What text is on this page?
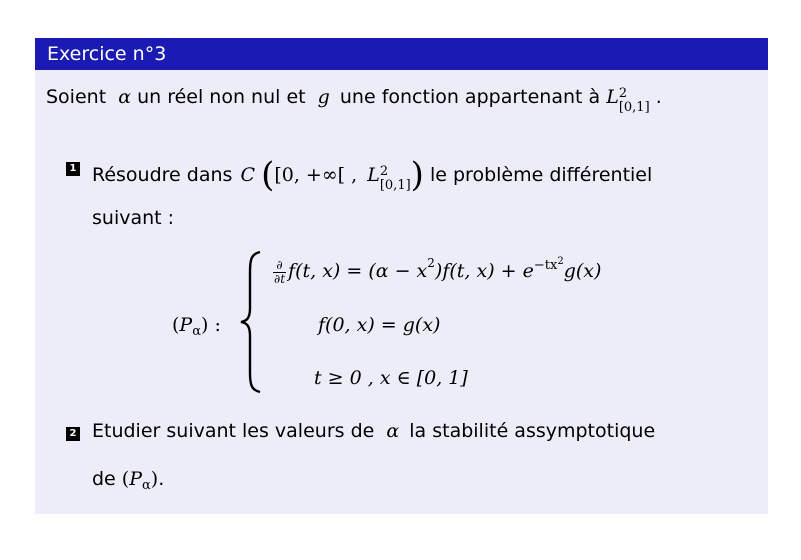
Exercice n°3
Soient α un réel non nul et g une fonction appartenant à L 2
[0,1] .
1 Résoudre dans C ([0, +∞[ , L 2
[0,1] ) le problème différentiel
suivant :
$(P_\alpha)$ :
$\frac{\partial}{\partial t} f(t$, $x) = (\alpha - x^2)f(t$, $x) + e^{-tx2}g(x)$
f(0, x) = g(x)
t ≥ 0 , x ∈ [0, 1]
2 Etudier suivant les valeurs de α la stabilité assymptotique
de $(P_\alpha)$.
